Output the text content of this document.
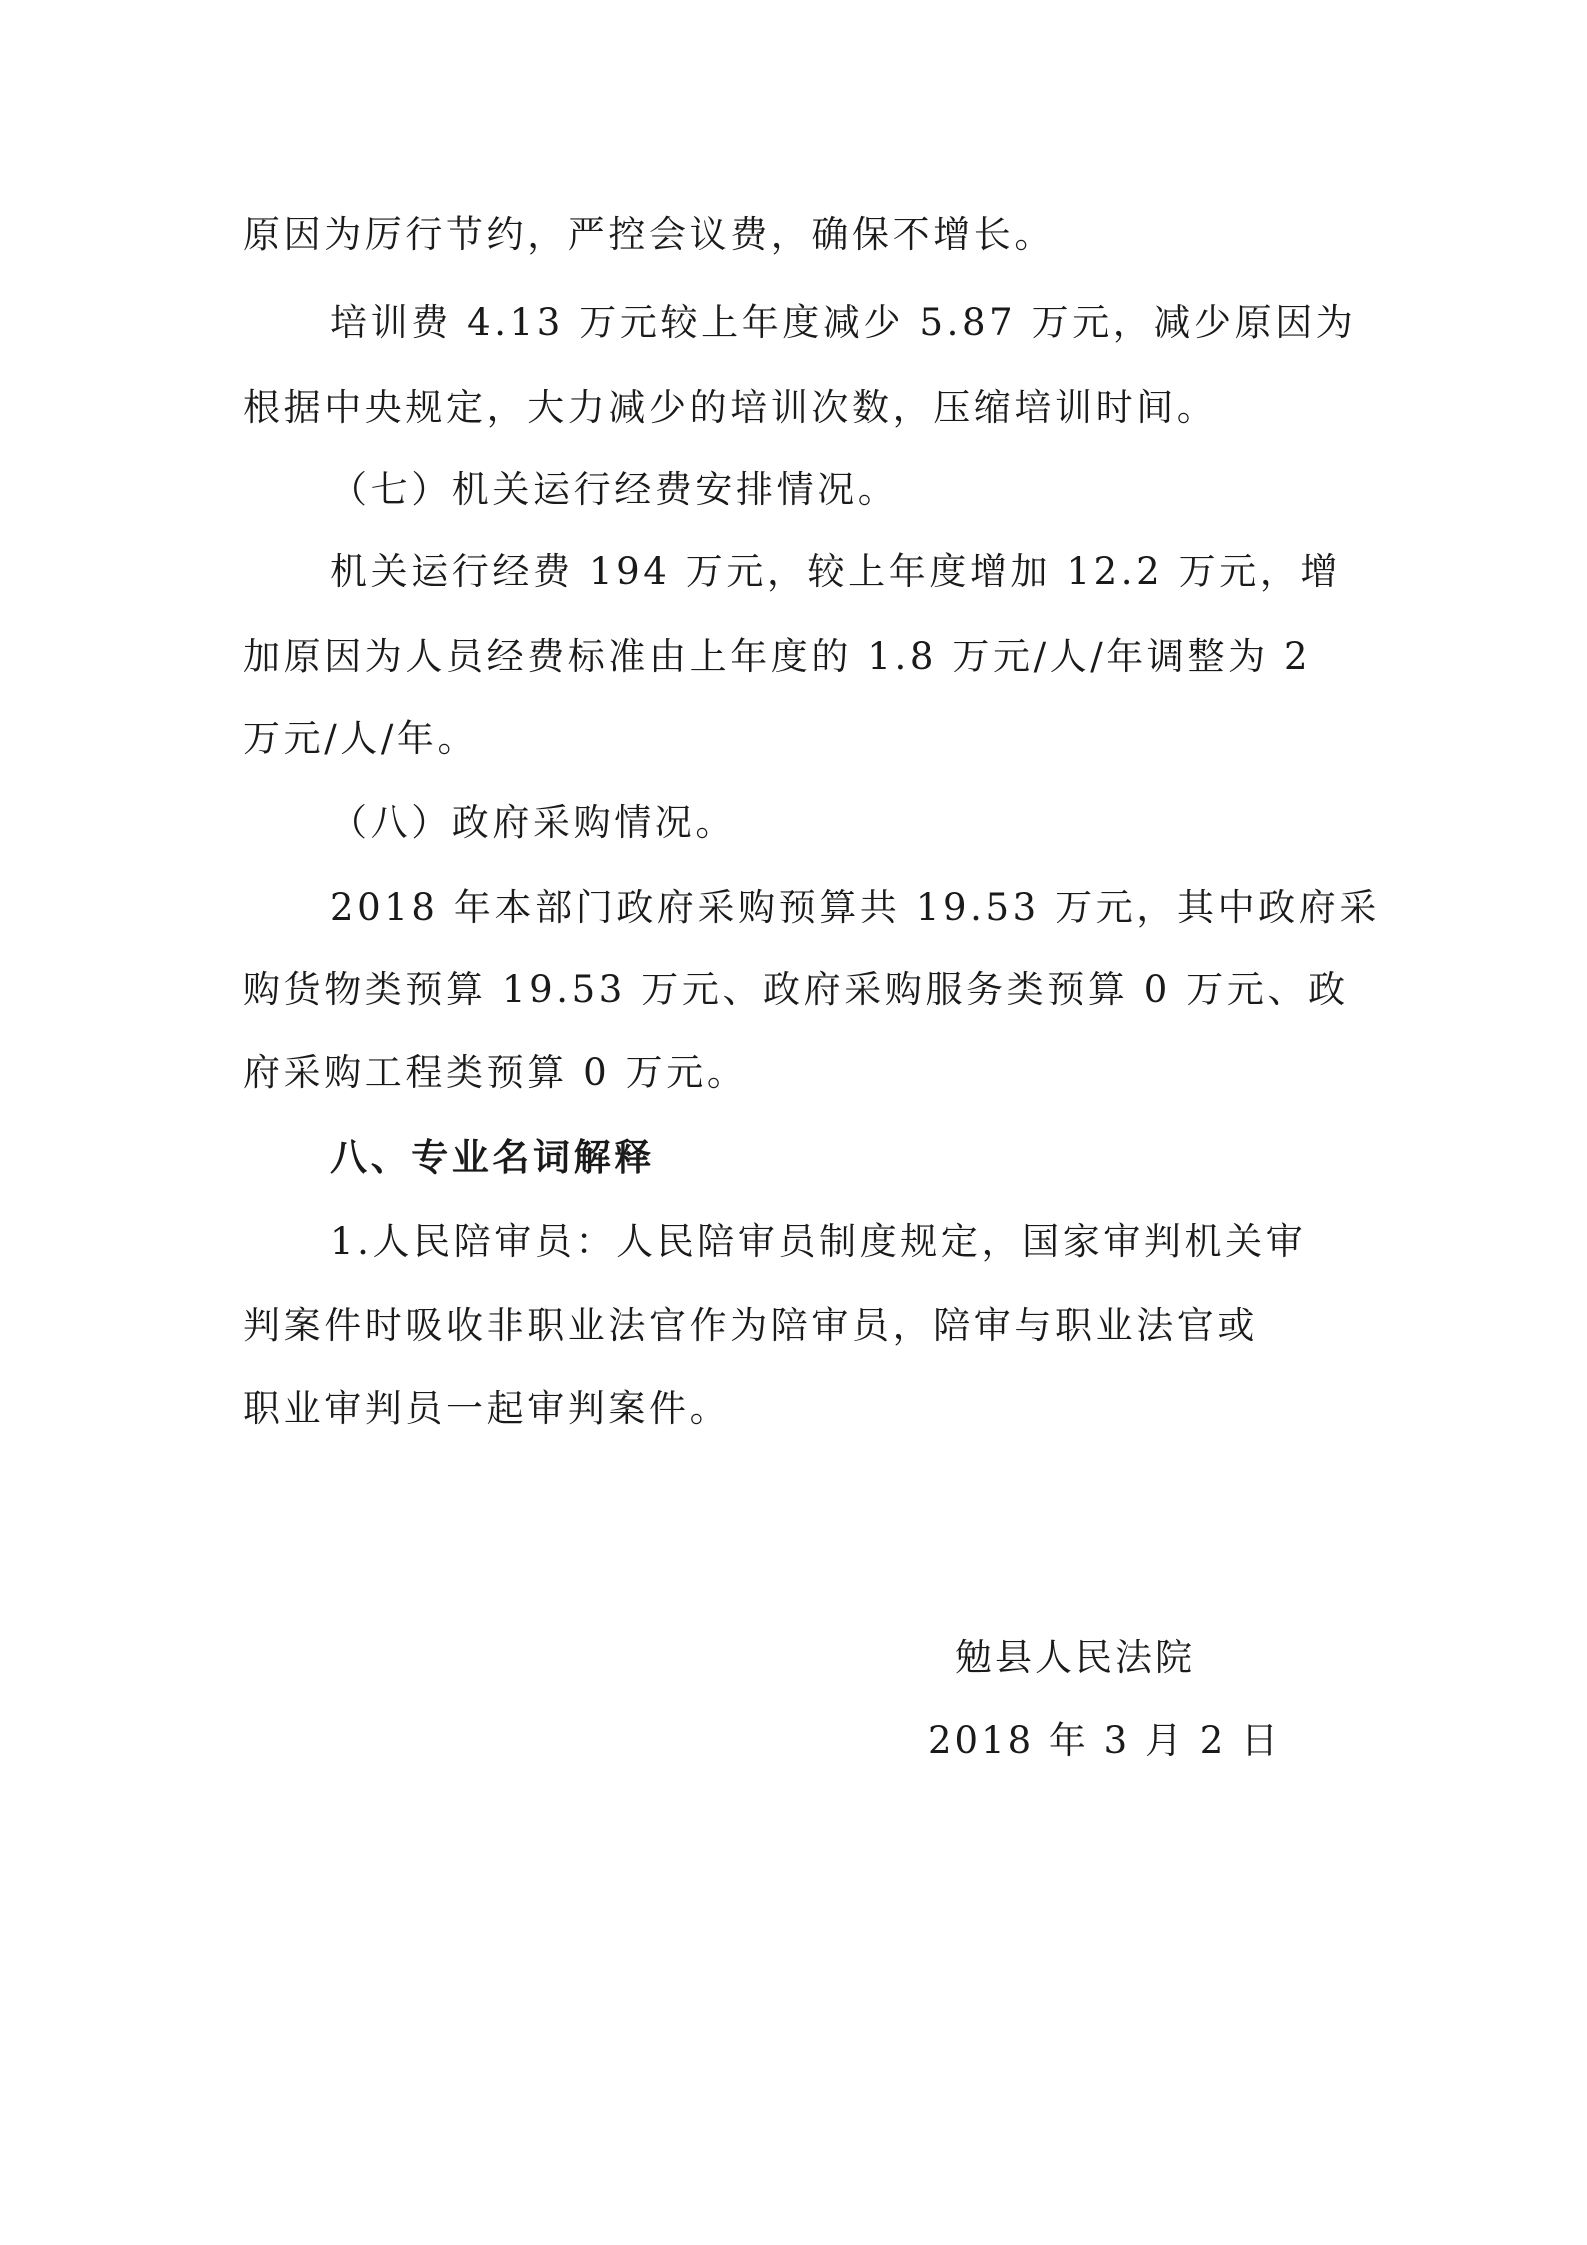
原因为厉行节约，严控会议费，确保不增长。

培训费 4.13 万元较上年度减少 5.87 万元，减少原因为

根据中央规定，大力减少的培训次数，压缩培训时间。

（七）机关运行经费安排情况。

机关运行经费 194 万元，较上年度增加 12.2 万元，增

加原因为人员经费标准由上年度的 1.8 万元/人/年调整为 2

万元/人/年。

（八）政府采购情况。

2018 年本部门政府采购预算共 19.53 万元，其中政府采

购货物类预算 19.53 万元、政府采购服务类预算 0 万元、政

府采购工程类预算 0 万元。

八、专业名词解释

1.人民陪审员：人民陪审员制度规定，国家审判机关审

判案件时吸收非职业法官作为陪审员，陪审与职业法官或

职业审判员一起审判案件。

勉县人民法院

2018 年 3 月 2 日
